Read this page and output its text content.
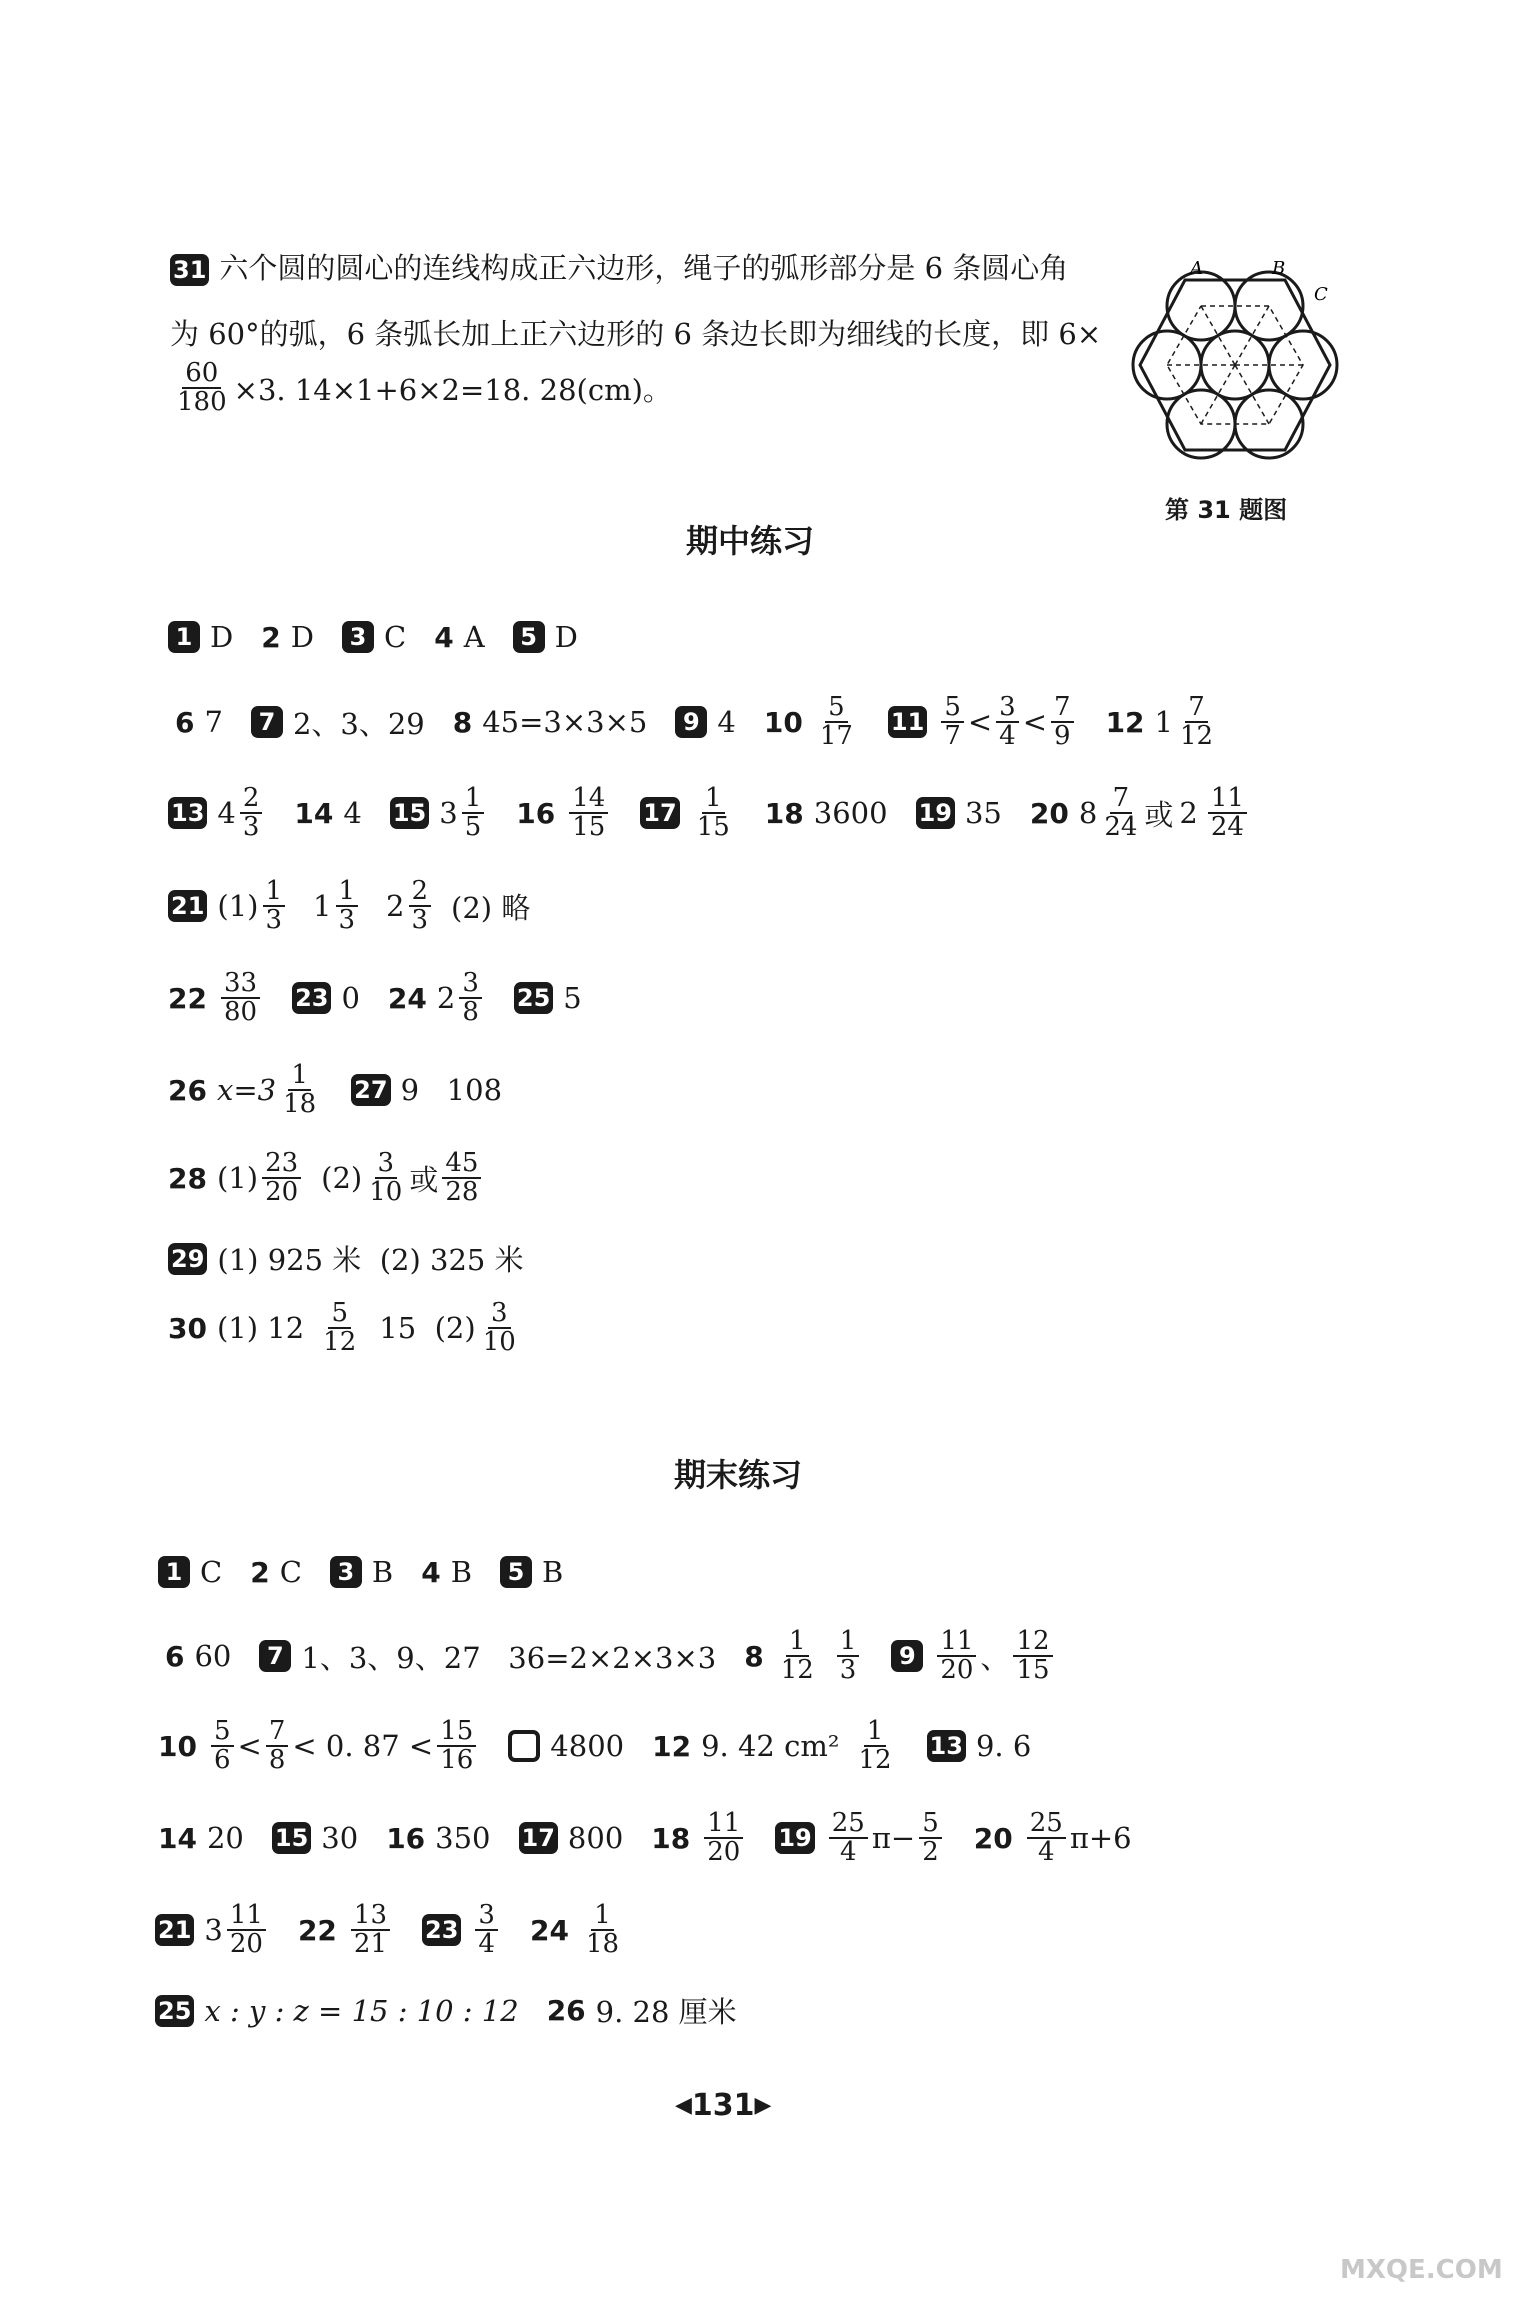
31 六个圆的圆心的连线构成正六边形，绳子的弧形部分是 6 条圆心角
为 60°的弧，6 条弧长加上正六边形的 6 条边长即为细线的长度，即 6×
$\frac{60}{180} \times 3$. 14×1+6×2=18. 28(cm)。
A	B
C
第 31 题图
期中练习
1 D 2 D	3 C 4 A	5 D
6 7	7 2、3、29 8 45=3×3×5	9 4 $10 \frac{5}{17} 11 \frac{5}{7} < \frac{3}{4} < \frac{7}{9} 12$ $1 \frac{7}{12}$
13 $4 \frac{2}{3} 14$ 4 15 $3 \frac{1}{5} 16 \frac{14}{15} 17 \frac{1}{15} 18$ 3600 19 35 20 $8 \frac{7}{24}$ 或 $2 \frac{11}{24}$
21 $(1) \frac{1}{3} 1 \frac{1}{3} 2 \frac{2}{3} (2)$ 略
$22 \frac{33}{80} 23$ 0 24 $2 \frac{3}{8} 25$ 5
26 $x=3 \frac{1}{18} 27$ 9   108
28 $(1) \frac{23}{20} (2) \frac{3}{10}$ 或 $\frac{45}{28}$
29 (1) 925 米  (2) 325 米
30 (1) $12 \frac{5}{12} 15$  $(2) \frac{3}{10}$
期末练习
1 C 2 C	3 B 4 B	5 B
6 60	7 1、3、9、27   36=2×2×3×3 $8 \frac{1}{12} \frac{1}{3}$	$9 \frac{11}{20}$ 、 $\frac{12}{15}$
$10 \frac{5}{6} < \frac{7}{8} < 0$. $87 < \frac{15}{16}$	4800 12 9. 42 $cm^2 \frac{1}{12} 13$ 9. 6
14 20 15 30 16 350 17 800 $18 \frac{11}{20} 19 \frac{25}{4} \pi- \frac{5}{2} 20 \frac{25}{4} \pi+6$
21 $3 \frac{11}{20} 22 \frac{13}{21} 23 \frac{3}{4} 24 \frac{1}{18}$
25 x : y : z = 15 : 10 : 12 26 9. 28 厘米
◀ 131 ▶
MXQE.COM
